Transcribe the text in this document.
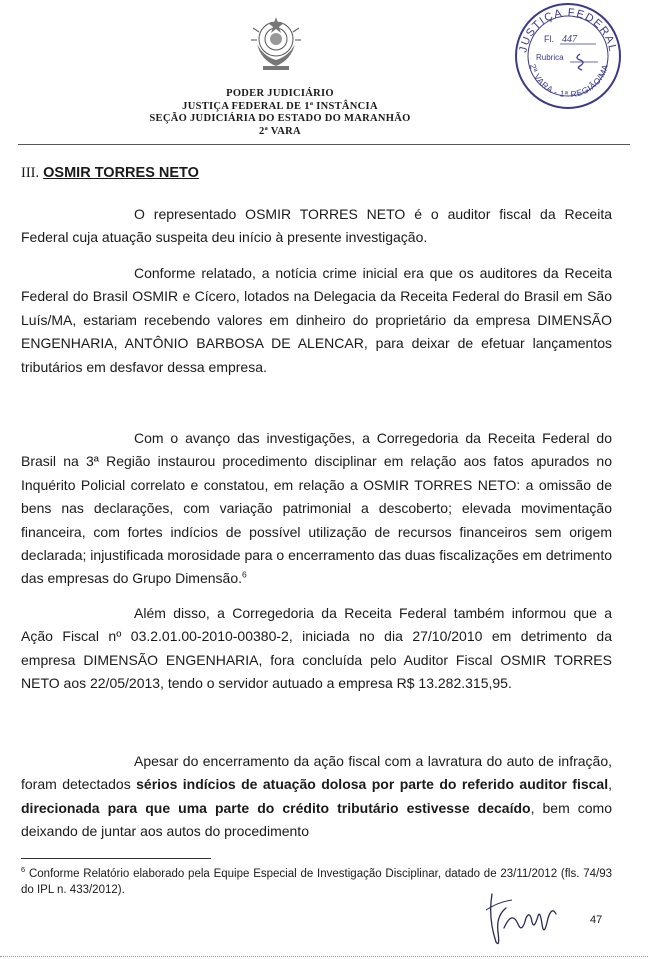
PODER JUDICIÁRIO
JUSTIÇA FEDERAL DE 1ª INSTÂNCIA
SEÇÃO JUDICIÁRIA DO ESTADO DO MARANHÃO
2ª VARA
JUSTIÇA FEDERAL
2ª VARA - 1ª REGIÃO/MA
Fl. 447
Rubrica
III. OSMIR TORRES NETO

O representado OSMIR TORRES NETO é o auditor fiscal da Receita Federal cuja atuação suspeita deu início à presente investigação.

Conforme relatado, a notícia crime inicial era que os auditores da Receita Federal do Brasil OSMIR e Cícero, lotados na Delegacia da Receita Federal do Brasil em São Luís/MA, estariam recebendo valores em dinheiro do proprietário da empresa DIMENSÃO ENGENHARIA, ANTÔNIO BARBOSA DE ALENCAR, para deixar de efetuar lançamentos tributários em desfavor dessa empresa.

Com o avanço das investigações, a Corregedoria da Receita Federal do Brasil na 3ª Região instaurou procedimento disciplinar em relação aos fatos apurados no Inquérito Policial correlato e constatou, em relação a OSMIR TORRES NETO: a omissão de bens nas declarações, com variação patrimonial a descoberto; elevada movimentação financeira, com fortes indícios de possível utilização de recursos financeiros sem origem declarada; injustificada morosidade para o encerramento das duas fiscalizações em detrimento das empresas do Grupo Dimensão.$^6$

Além disso, a Corregedoria da Receita Federal também informou que a Ação Fiscal nº 03.2.01.00-2010-00380-2, iniciada no dia 27/10/2010 em detrimento da empresa DIMENSÃO ENGENHARIA, fora concluída pelo Auditor Fiscal OSMIR TORRES NETO aos 22/05/2013, tendo o servidor autuado a empresa R$ 13.282.315,95.

Apesar do encerramento da ação fiscal com a lavratura do auto de infração, foram detectados sérios indícios de atuação dolosa por parte do referido auditor fiscal, direcionada para que uma parte do crédito tributário estivesse decaído, bem como deixando de juntar aos autos do procedimento

$^6$ Conforme Relatório elaborado pela Equipe Especial de Investigação Disciplinar, datado de 23/11/2012 (fls. 74/93 do IPL n. 433/2012).

47
